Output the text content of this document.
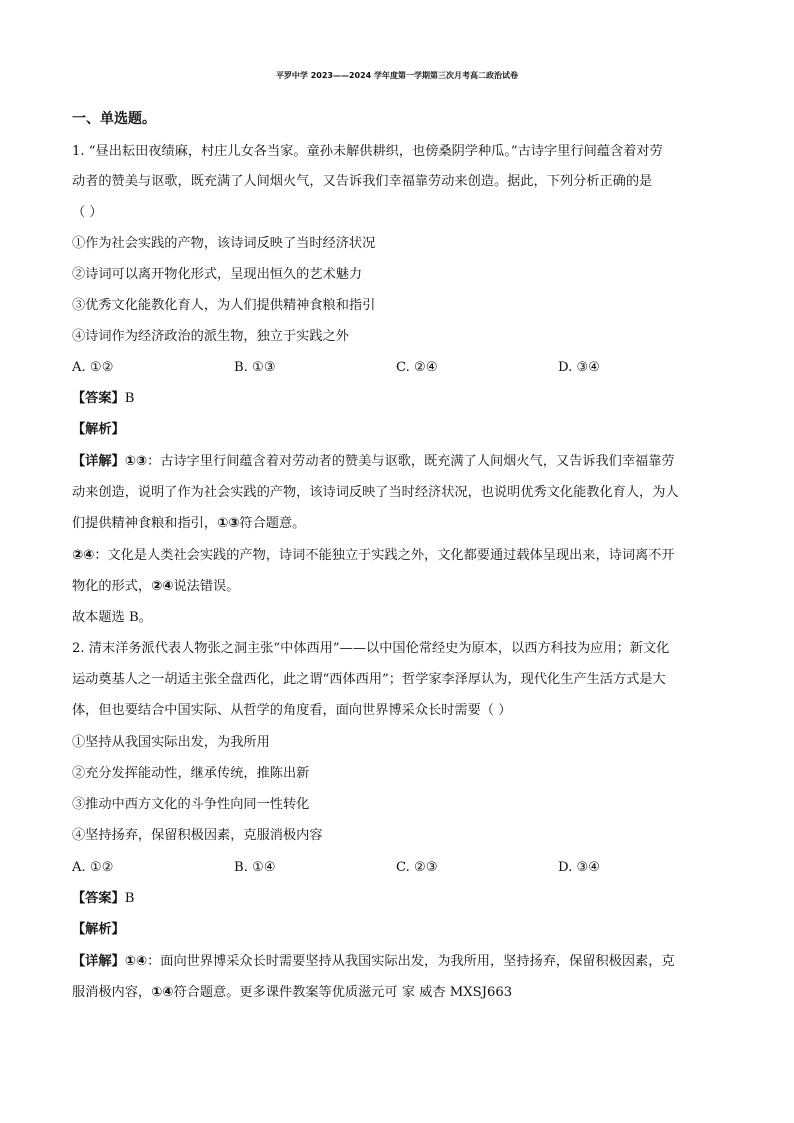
平罗中学 2023——2024 学年度第一学期第三次月考高二政治试卷
一、单选题。
1. “昼出耘田夜绩麻，村庄儿女各当家。童孙未解供耕织，也傍桑阴学种瓜。”古诗字里行间蕴含着对劳
动者的赞美与讴歌，既充满了人间烟火气，又告诉我们幸福靠劳动来创造。据此，下列分析正确的是
（ ）
①作为社会实践的产物，该诗词反映了当时经济状况
②诗词可以离开物化形式，呈现出恒久的艺术魅力
③优秀文化能教化育人，为人们提供精神食粮和指引
④诗词作为经济政治的派生物，独立于实践之外
A. ①②	B. ①③	C. ②④	D. ③④
【答案】B
【解析】
【详解】①③：古诗字里行间蕴含着对劳动者的赞美与讴歌，既充满了人间烟火气，又告诉我们幸福靠劳
动来创造，说明了作为社会实践的产物，该诗词反映了当时经济状况，也说明优秀文化能教化育人，为人
们提供精神食粮和指引，①③符合题意。
②④：文化是人类社会实践的产物，诗词不能独立于实践之外，文化都要通过载体呈现出来，诗词离不开
物化的形式，②④说法错误。
故本题选 B。
2. 清末洋务派代表人物张之洞主张“中体西用”——以中国伦常经史为原本，以西方科技为应用；新文化
运动奠基人之一胡适主张全盘西化，此之谓“西体西用”；哲学家李泽厚认为，现代化生产生活方式是大
体，但也要结合中国实际、从哲学的角度看，面向世界博采众长时需要（ ）
①坚持从我国实际出发，为我所用
②充分发挥能动性，继承传统，推陈出新
③推动中西方文化的斗争性向同一性转化
④坚持扬弃，保留积极因素，克服消极内容
A. ①②	B. ①④	C. ②③	D. ③④
【答案】B
【解析】
【详解】①④：面向世界博采众长时需要坚持从我国实际出发，为我所用，坚持扬弃，保留积极因素，克
服消极内容，①④符合题意。更多课件教案等优质滋元可 家 威杏 MXSJ663
